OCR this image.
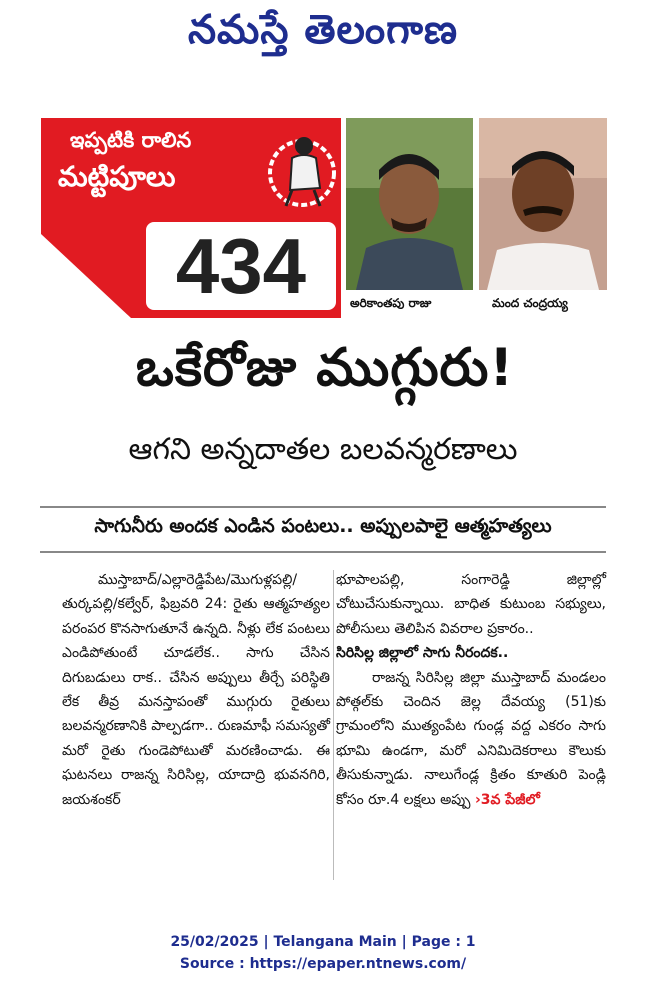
నమస్తే తెలంగాణ
ఇప్పటికి రాలిన
మట్టిపూలు
434	అరికాంతపు రాజు	మంద చంద్రయ్య
ఒకేరోజు ముగ్గురు!
ఆగని అన్నదాతల బలవన్మరణాలు
సాగునీరు అందక ఎండిన పంటలు.. అప్పులపాలై ఆత్మహత్యలు

ముస్తాబాద్/ఎల్లారెడ్డిపేట/మొగుళ్లపల్లి/తుర్కపల్లి/కల్వేర్, ఫిబ్రవరి 24: రైతు ఆత్మహత్యల పరంపర కొనసాగుతూనే ఉన్నది. నీళ్లు లేక పంటలు ఎండిపోతుంటే చూడలేక.. సాగు చేసిన దిగుబడులు రాక.. చేసిన అప్పులు తీర్చే పరిస్థితి లేక తీవ్ర మనస్తాపంతో ముగ్గురు రైతులు బలవన్మరణానికి పాల్పడగా.. రుణమాఫీ సమస్యతో మరో రైతు గుండెపోటుతో మరణించాడు. ఈ ఘటనలు రాజన్న సిరిసిల్ల, యాదాద్రి భువనగిరి, జయశంకర్

భూపాలపల్లి, సంగారెడ్డి జిల్లాల్లో చోటుచేసుకున్నాయి. బాధిత కుటుంబ సభ్యులు, పోలీసులు తెలిపిన వివరాల ప్రకారం..

సిరిసిల్ల జిల్లాలో సాగు నీరందక..

రాజన్న సిరిసిల్ల జిల్లా ముస్తాబాద్ మండలం పోత్గల్‌కు చెందిన జెల్ల దేవయ్య (51)కు గ్రామంలోని ముత్యంపేట గుండ్ల వద్ద ఎకరం సాగు భూమి ఉండగా, మరో ఎనిమిదెకరాలు కౌలుకు తీసుకున్నాడు. నాలుగేండ్ల క్రితం కూతురి పెండ్లి కోసం రూ.4 లక్షలు అప్పు ›3వ పేజీలో

25/02/2025 | Telangana Main | Page : 1
Source : https://epaper.ntnews.com/
